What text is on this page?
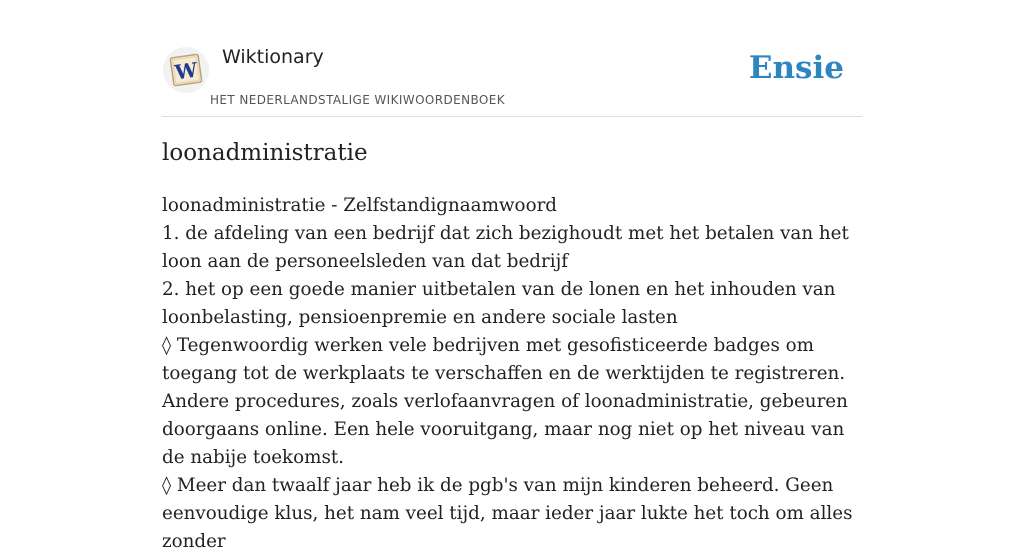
W
Wiktionary
HET NEDERLANDSTALIGE WIKIWOORDENBOEK
Ensie
loonadministratie

loonadministratie - Zelfstandignaamwoord

1. de afdeling van een bedrijf dat zich bezighoudt met het betalen van het loon aan de personeelsleden van dat bedrijf

2. het op een goede manier uitbetalen van de lonen en het inhouden van loonbelasting, pensioenpremie en andere sociale lasten

◊ Tegenwoordig werken vele bedrijven met gesofisticeerde badges om toegang tot de werkplaats te verschaffen en de werktijden te registreren. Andere procedures, zoals verlofaanvragen of loonadministratie, gebeuren doorgaans online. Een hele vooruitgang, maar nog niet op het niveau van de nabije toekomst.

◊ Meer dan twaalf jaar heb ik de pgb's van mijn kinderen beheerd. Geen eenvoudige klus, het nam veel tijd, maar ieder jaar lukte het toch om alles zonder
